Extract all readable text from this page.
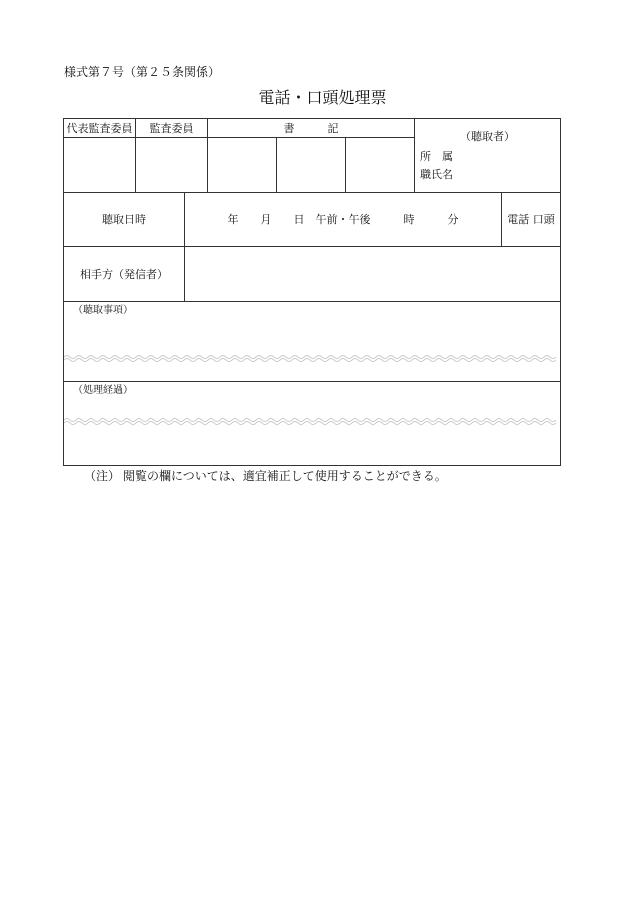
様式第７号（第２５条関係）
電話・口頭処理票
代表監査委員	監査委員	書　　　記
（聴取者）
所　属
職氏名
聴取日時	年　　月　　日　午前・午後　　　時　　　分	電話 口頭
相手方（発信者）
（聴取事項）
（処理経過）
（注） 閲覧の欄については、適宜補正して使用することができる。
